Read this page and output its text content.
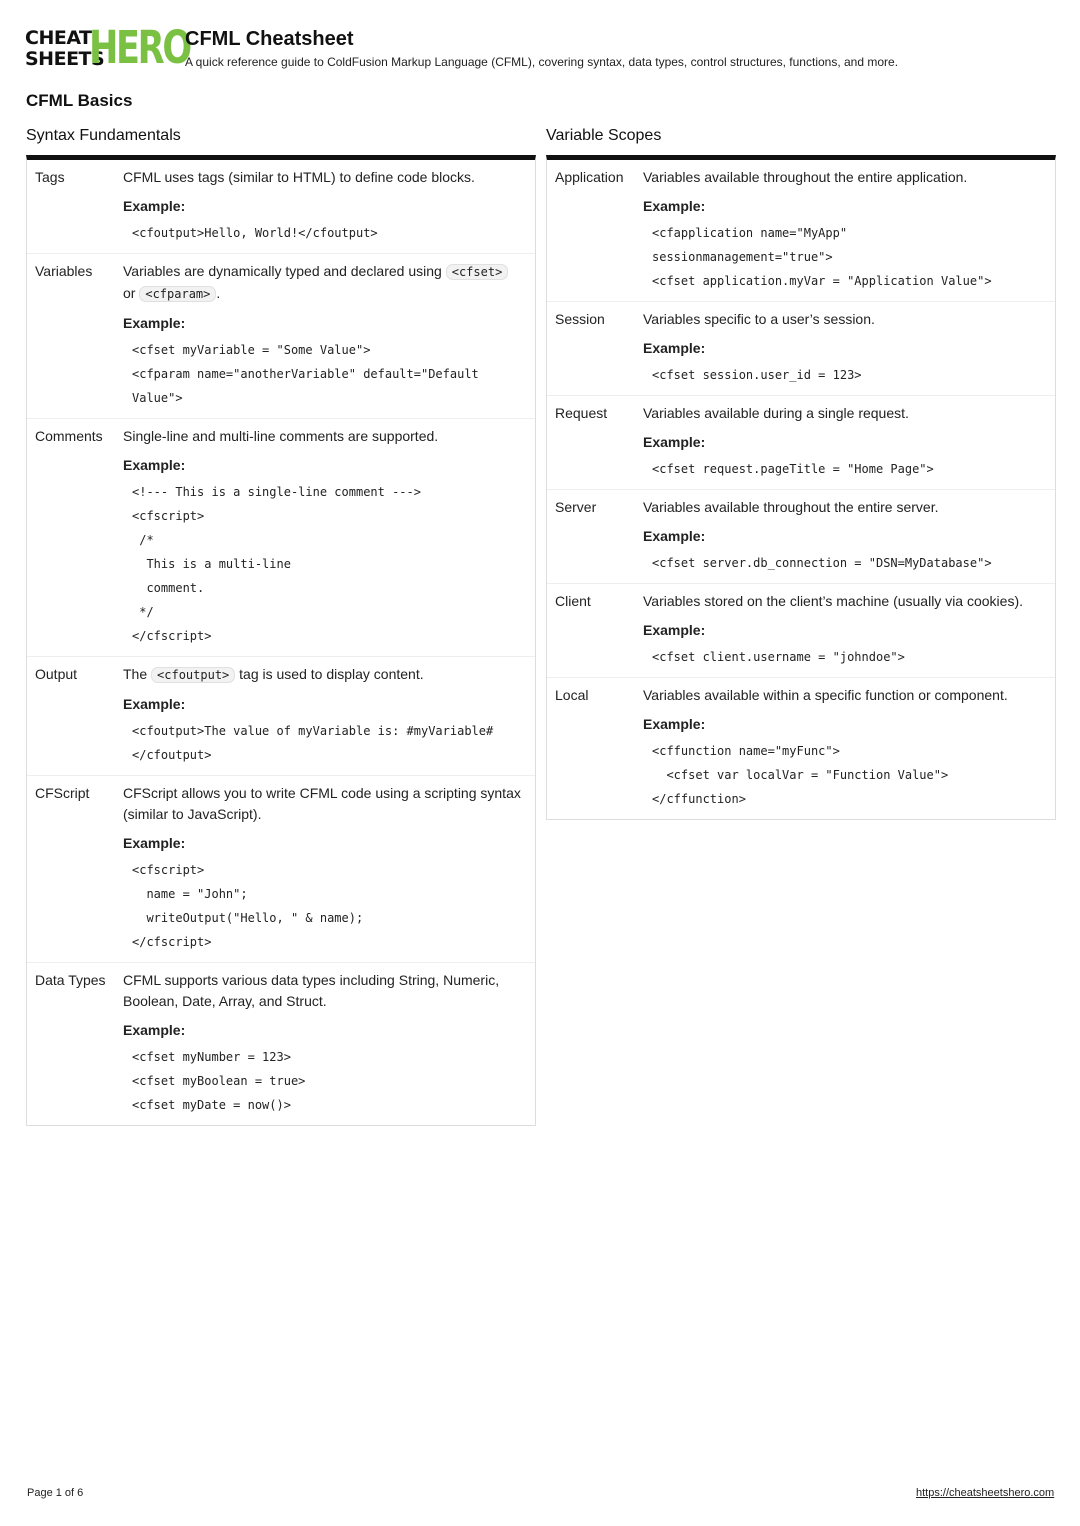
CHEAT
SHEETS
HERO
CFML Cheatsheet
A quick reference guide to ColdFusion Markup Language (CFML), covering syntax, data types, control structures, functions, and more.
CFML Basics
Syntax Fundamentals
Tags	CFML uses tags (similar to HTML) to define code blocks.
Example:
<cfoutput>Hello, World!</cfoutput>
Variables	Variables are dynamically typed and declared using <cfset>
or <cfparam> .
Example:
<cfset myVariable = "Some Value">
<cfparam name="anotherVariable" default="Default
Value">
Comments	Single-line and multi-line comments are supported.
Example:
<!--- This is a single-line comment --->
<cfscript>
/*
This is a multi-line
comment.
*/
</cfscript>
Output	The <cfoutput> tag is used to display content.
Example:
<cfoutput>The value of myVariable is: #myVariable#
</cfoutput>
CFScript	CFScript allows you to write CFML code using a scripting syntax (similar to JavaScript).
Example:
<cfscript>
name = "John";
writeOutput("Hello, " & name);
</cfscript>
Data Types	CFML supports various data types including String, Numeric, Boolean, Date, Array, and Struct.
Example:
<cfset myNumber = 123>
<cfset myBoolean = true>
<cfset myDate = now()>
Variable Scopes
Application	Variables available throughout the entire application.
Example:
<cfapplication name="MyApp"
sessionmanagement="true">
<cfset application.myVar = "Application Value">
Session	Variables specific to a user’s session.
Example:
<cfset session.user_id = 123>
Request	Variables available during a single request.
Example:
<cfset request.pageTitle = "Home Page">
Server	Variables available throughout the entire server.
Example:
<cfset server.db_connection = "DSN=MyDatabase">
Client	Variables stored on the client’s machine (usually via cookies).
Example:
<cfset client.username = "johndoe">
Local	Variables available within a specific function or component.
Example:
<cffunction name="myFunc">
<cfset var localVar = "Function Value">
</cffunction>
Page 1 of 6	https://cheatsheetshero.com
